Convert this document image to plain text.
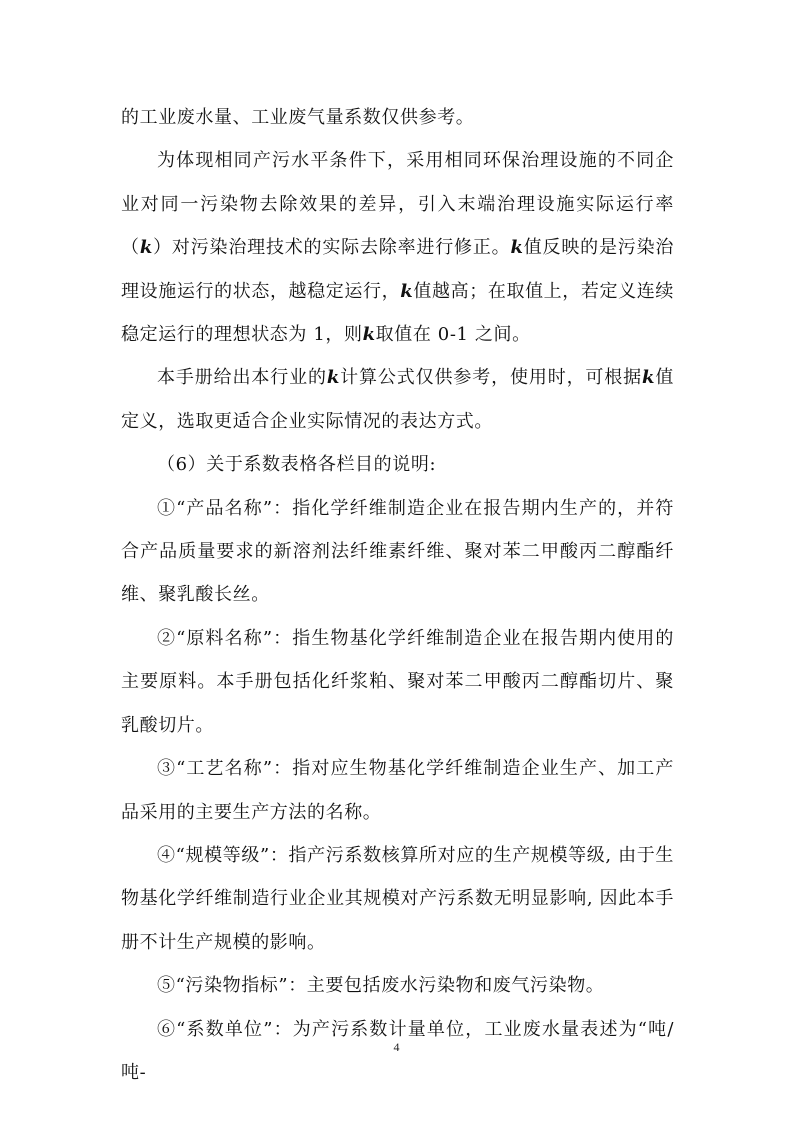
的工业废水量、工业废气量系数仅供参考。

为体现相同产污水平条件下，采用相同环保治理设施的不同企业对同一污染物去除效果的差异，引入末端治理设施实际运行率（k）对污染治理技术的实际去除率进行修正。k值反映的是污染治理设施运行的状态，越稳定运行，k值越高；在取值上，若定义连续稳定运行的理想状态为 1，则k取值在 0-1 之间。

本手册给出本行业的k计算公式仅供参考，使用时，可根据k值定义，选取更适合企业实际情况的表达方式。

（6）关于系数表格各栏目的说明:

①“产品名称”：指化学纤维制造企业在报告期内生产的，并符合产品质量要求的新溶剂法纤维素纤维、聚对苯二甲酸丙二醇酯纤维、聚乳酸长丝。

②“原料名称”：指生物基化学纤维制造企业在报告期内使用的主要原料。本手册包括化纤浆粕、聚对苯二甲酸丙二醇酯切片、聚乳酸切片。

③“工艺名称”：指对应生物基化学纤维制造企业生产、加工产品采用的主要生产方法的名称。

④“规模等级”：指产污系数核算所对应的生产规模等级, 由于生物基化学纤维制造行业企业其规模对产污系数无明显影响, 因此本手册不计生产规模的影响。

⑤“污染物指标”：主要包括废水污染物和废气污染物。

⑥“系数单位”：为产污系数计量单位，工业废水量表述为“吨/吨-

4
